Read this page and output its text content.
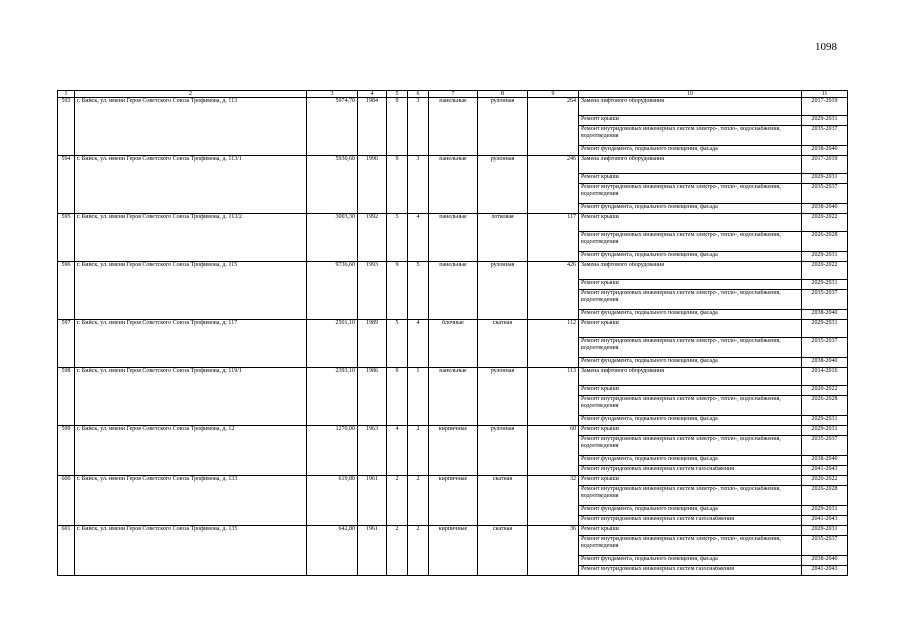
1098
1	2	3	4	5	6	7	8	9	10	11
593	г. Бийск, ул. имени Героя Советского Союза Трофимова, д. 113	5974,70	1984	9	3	панельные	рулонная	264	Замена лифтового оборудования	2017-2019
									Ремонт крыши	2029-2031
									Ремонт внутридомовых инженерных систем электро-, тепло-, водоснабжения, водоотведения	2035-2037
									Ремонт фундамента, подвального помещения, фасада	2038-2040
594	г. Бийск, ул. имени Героя Советского Союза Трофимова, д. 113/1	5930,60	1990	9	3	панельные	рулонная	246	Замена лифтового оборудования	2017-2019
									Ремонт крыши	2029-2031
									Ремонт внутридомовых инженерных систем электро-, тепло-, водоснабжения, водоотведения	2035-2037
									Ремонт фундамента, подвального помещения, фасада	2038-2040
595	г. Бийск, ул. имени Героя Советского Союза Трофимова, д. 113/2	3003,30	1992	5	4	панельные	лотковая	117	Ремонт крыши	2020-2022
									Ремонт внутридомовых инженерных систем электро-, тепло-, водоснабжения, водоотведения	2026-2028
									Ремонт фундамента, подвального помещения, фасада	2029-2031
596	г. Бийск, ул. имени Героя Советского Союза Трофимова, д. 115	9736,60	1993	9	5	панельные	рулонная	426	Замена лифтового оборудования	2020-2022
									Ремонт крыши	2029-2031
									Ремонт внутридомовых инженерных систем электро-, тепло-, водоснабжения, водоотведения	2035-2037
									Ремонт фундамента, подвального помещения, фасада	2038-2040
597	г. Бийск, ул. имени Героя Советского Союза Трофимова, д. 117	2501,10	1989	5	4	блочные	скатная	112	Ремонт крыши	2029-2031
									Ремонт внутридомовых инженерных систем электро-, тепло-, водоснабжения, водоотведения	2035-2037
									Ремонт фундамента, подвального помещения, фасада	2038-2040
598	г. Бийск, ул. имени Героя Советского Союза Трофимова, д. 119/1	2393,10	1986	9	1	панельные	рулонная	113	Замена лифтового оборудования	2014-2016
									Ремонт крыши	2020-2022
									Ремонт внутридомовых инженерных систем электро-, тепло-, водоснабжения, водоотведения	2026-2028
									Ремонт фундамента, подвального помещения, фасада	2029-2031
599	г. Бийск, ул. имени Героя Советского Союза Трофимова, д. 12	1270,00	1963	4	2	кирпичные	рулонная	60	Ремонт крыши	2029-2031
									Ремонт внутридомовых инженерных систем электро-, тепло-, водоснабжения, водоотведения	2035-2037
									Ремонт фундамента, подвального помещения, фасада	2038-2040
									Ремонт внутридомовых инженерных систем газоснабжения	2041-2043
600	г. Бийск, ул. имени Героя Советского Союза Трофимова, д. 133	619,80	1961	2	2	кирпичные	скатная	32	Ремонт крыши	2020-2022
									Ремонт внутридомовых инженерных систем электро-, тепло-, водоснабжения, водоотведения	2026-2028
									Ремонт фундамента, подвального помещения, фасада	2029-2031
									Ремонт внутридомовых инженерных систем газоснабжения	2041-2043
601	г. Бийск, ул. имени Героя Советского Союза Трофимова, д. 135	642,80	1961	2	2	кирпичные	скатная	36	Ремонт крыши	2029-2031
									Ремонт внутридомовых инженерных систем электро-, тепло-, водоснабжения, водоотведения	2035-2037
									Ремонт фундамента, подвального помещения, фасада	2038-2040
									Ремонт внутридомовых инженерных систем газоснабжения	2041-2043
